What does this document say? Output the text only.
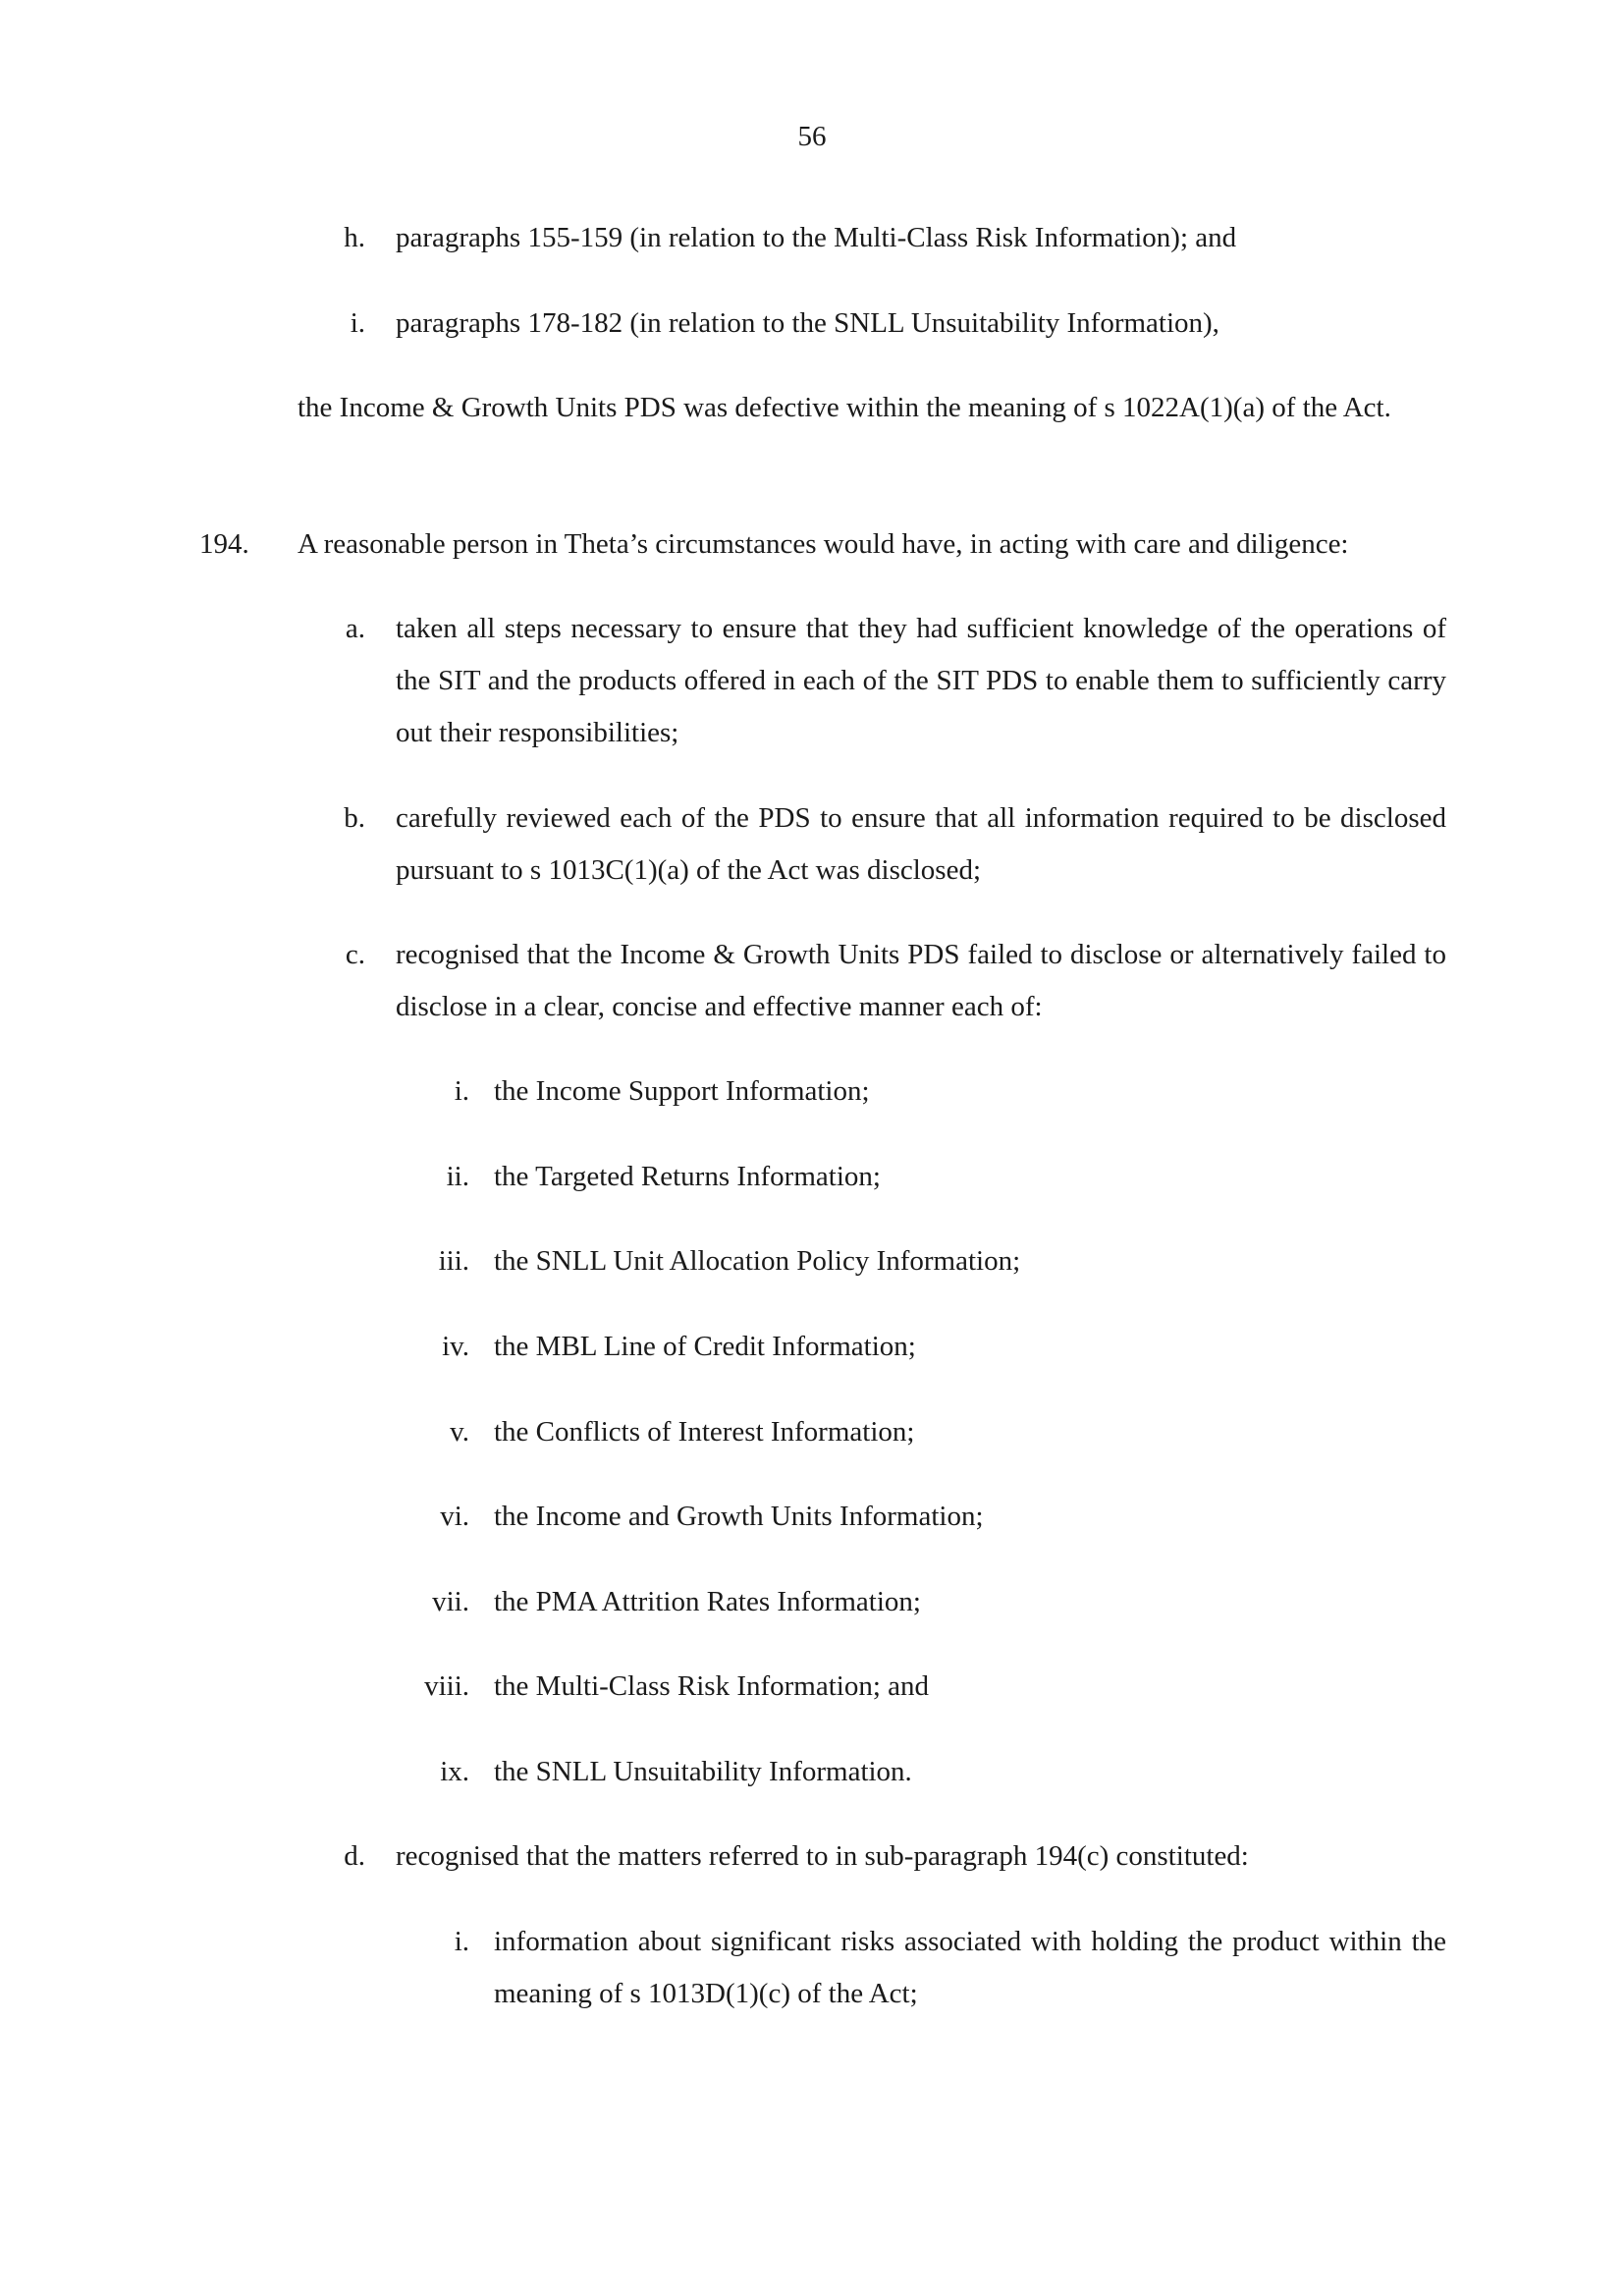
56
h. paragraphs 155-159 (in relation to the Multi-Class Risk Information); and
i. paragraphs 178-182 (in relation to the SNLL Unsuitability Information),
the Income & Growth Units PDS was defective within the meaning of s 1022A(1)(a) of the Act.
194. A reasonable person in Theta’s circumstances would have, in acting with care and diligence:
a. taken all steps necessary to ensure that they had sufficient knowledge of the operations of the SIT and the products offered in each of the SIT PDS to enable them to sufficiently carry out their responsibilities;
b. carefully reviewed each of the PDS to ensure that all information required to be disclosed pursuant to s 1013C(1)(a) of the Act was disclosed;
c. recognised that the Income & Growth Units PDS failed to disclose or alternatively failed to disclose in a clear, concise and effective manner each of:
i. the Income Support Information;
ii. the Targeted Returns Information;
iii. the SNLL Unit Allocation Policy Information;
iv. the MBL Line of Credit Information;
v. the Conflicts of Interest Information;
vi. the Income and Growth Units Information;
vii. the PMA Attrition Rates Information;
viii. the Multi-Class Risk Information; and
ix. the SNLL Unsuitability Information.
d. recognised that the matters referred to in sub-paragraph 194(c) constituted:
i. information about significant risks associated with holding the product within the meaning of s 1013D(1)(c) of the Act;
